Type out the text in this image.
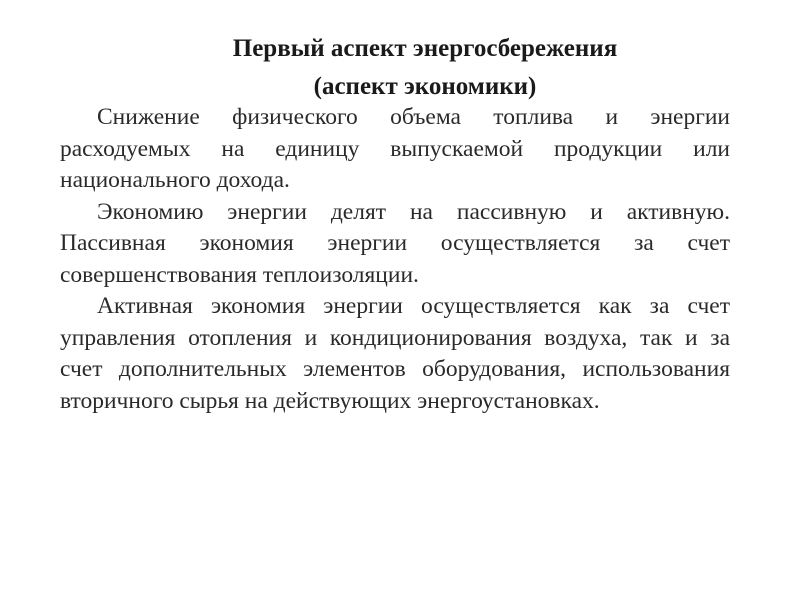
Первый аспект энергосбережения
(аспект экономики)

Снижение физического объема топлива и энергии расходуемых на единицу выпускаемой продукции или национального дохода.

Экономию энергии делят на пассивную и активную. Пассивная экономия энергии осуществляется за счет совершенствования теплоизоляции.

Активная экономия энергии осуществляется как за счет управления отопления и кондиционирования воздуха, так и за счет дополнительных элементов оборудования, использования вторичного сырья на действующих энергоустановках.
